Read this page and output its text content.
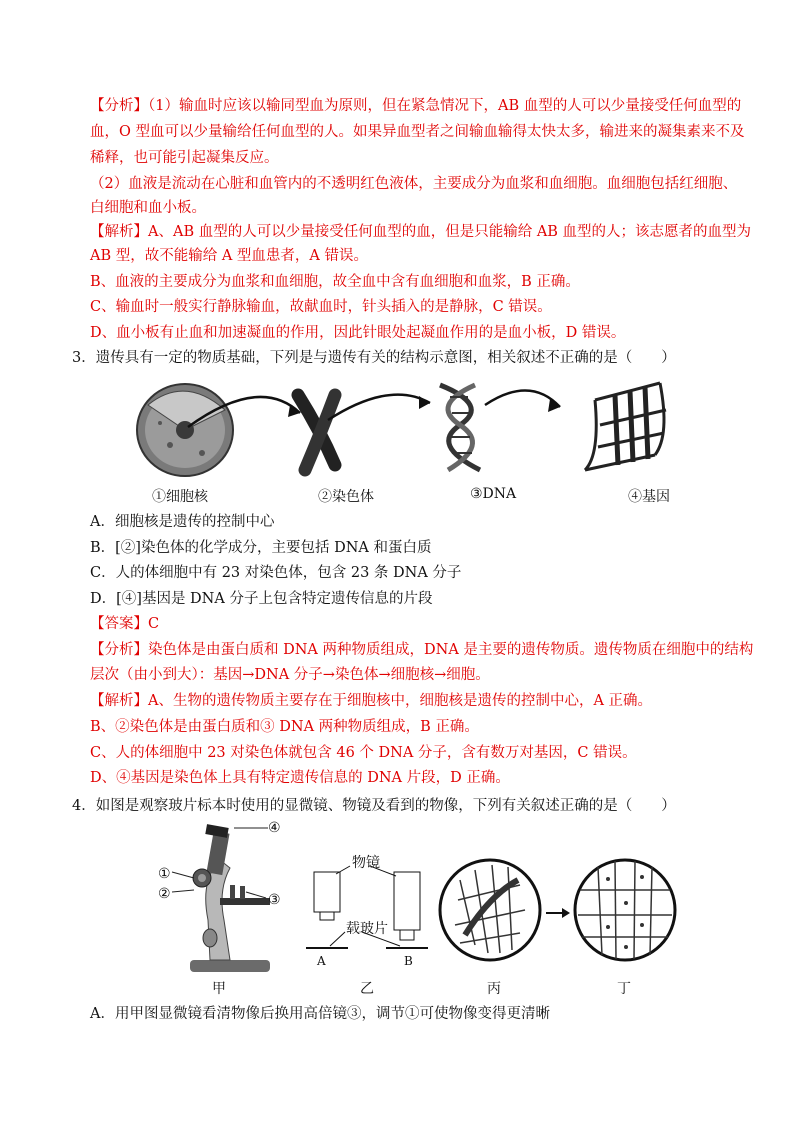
【分析】（1）输血时应该以输同型血为原则，但在紧急情况下，AB 血型的人可以少量接受任何血型的
血，O 型血可以少量输给任何血型的人。如果异血型者之间输血输得太快太多，输进来的凝集素来不及
稀释，也可能引起凝集反应。
（2）血液是流动在心脏和血管内的不透明红色液体，主要成分为血浆和血细胞。血细胞包括红细胞、
白细胞和血小板。
【解析】A、AB 血型的人可以少量接受任何血型的血，但是只能输给 AB 血型的人；该志愿者的血型为
AB 型，故不能输给 A 型血患者，A 错误。
B、血液的主要成分为血浆和血细胞，故全血中含有血细胞和血浆，B 正确。
C、输血时一般实行静脉输血，故献血时，针头插入的是静脉，C 错误。
D、血小板有止血和加速凝血的作用，因此针眼处起凝血作用的是血小板，D 错误。
3．遗传具有一定的物质基础，下列是与遗传有关的结构示意图，相关叙述不正确的是（　　）
①细胞核	②染色体	③DNA	④基因
A．细胞核是遗传的控制中心
B．[②]染色体的化学成分，主要包括 DNA 和蛋白质
C．人的体细胞中有 23 对染色体，包含 23 条 DNA 分子
D．[④]基因是 DNA 分子上包含特定遗传信息的片段
【答案】C
【分析】染色体是由蛋白质和 DNA 两种物质组成，DNA 是主要的遗传物质。遗传物质在细胞中的结构
层次（由小到大）：基因→DNA 分子→染色体→细胞核→细胞。
【解析】A、生物的遗传物质主要存在于细胞核中，细胞核是遗传的控制中心，A 正确。
B、②染色体是由蛋白质和③ DNA 两种物质组成，B 正确。
C、人的体细胞中 23 对染色体就包含 46 个 DNA 分子，含有数万对基因，C 错误。
D、④基因是染色体上具有特定遗传信息的 DNA 片段，D 正确。
4．如图是观察玻片标本时使用的显微镜、物镜及看到的物像，下列有关叙述正确的是（　　）
①
②	③
④
物镜
载玻片
A	B
甲	乙	丙	丁
A．用甲图显微镜看清物像后换用高倍镜③，调节①可使物像变得更清晰
